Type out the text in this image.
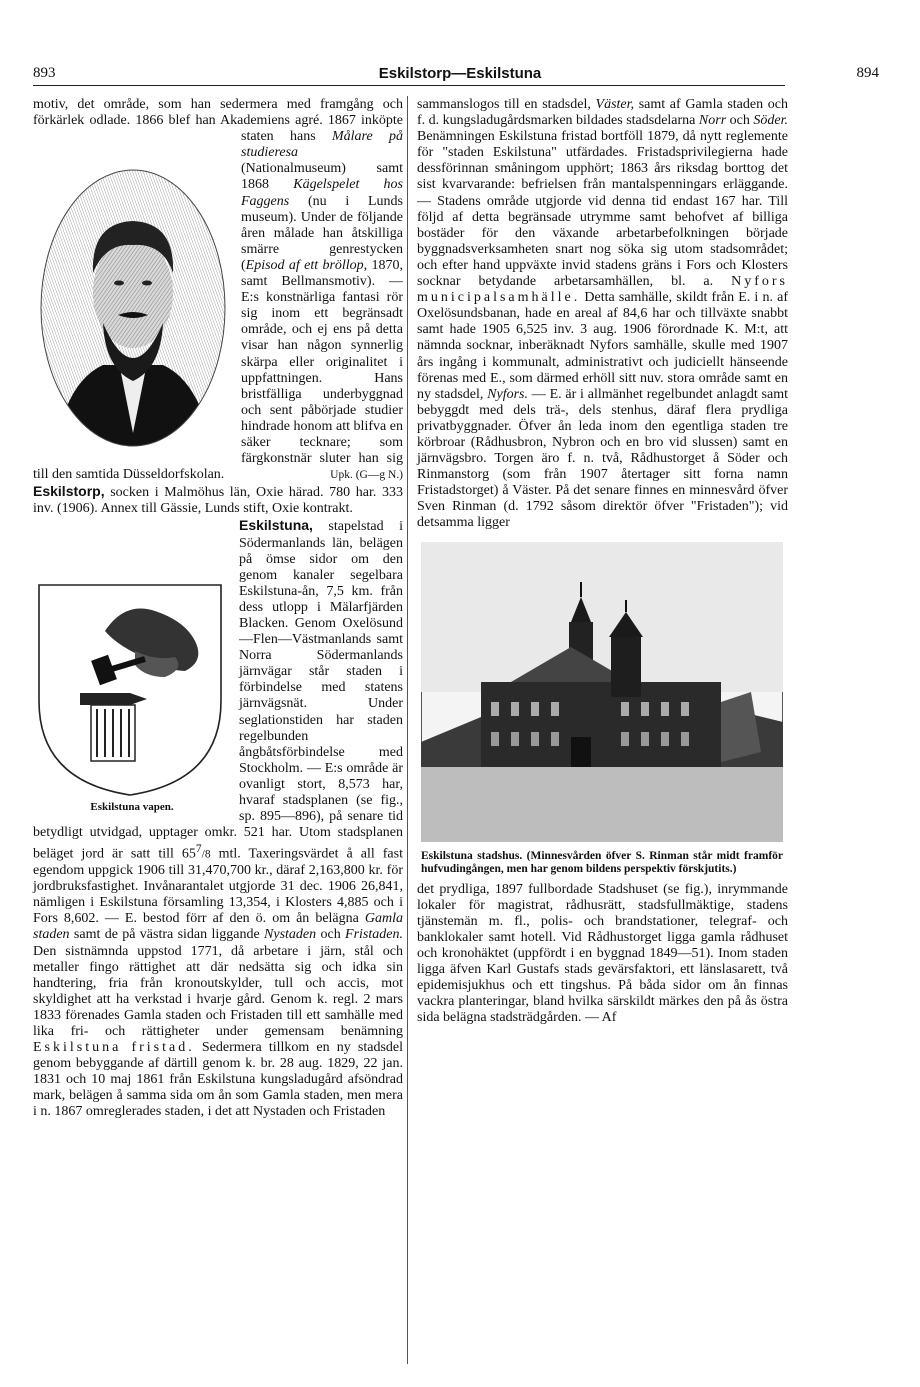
893	Eskilstorp—Eskilstuna	894

motiv, det område, som han sedermera med framgång och förkärlek odlade. 1866 blef han Akademiens agré. 1867 inköpte staten hans
Målare på studieresa (Nationalmuseum) samt 1868 Kägelspelet hos Faggens (nu i Lunds museum). Under de följande åren målade han åtskilliga smärre genrestycken (Episod af ett bröllop, 1870, samt Bellmansmotiv). — E:s konstnärliga fantasi rör sig inom ett begränsadt område, och ej ens på detta visar han någon synnerlig skärpa eller originalitet i uppfattningen. Hans bristfälliga underbyggnad och sent påbörjade studier hindrade honom att blifva en säker tecknare; som färgkonstnär sluter han sig till den samtida Düsseldorfskolan.	Upk. (G—g N.)

Eskilstorp, socken i Malmöhus län, Oxie härad. 780 har. 333 inv. (1906). Annex till Gässie, Lunds stift, Oxie kontrakt.

Eskilstuna,
Eskilstuna vapen.
stapelstad i Södermanlands län, belägen på ömse sidor om den genom kanaler segelbara Eskilstuna-ån, 7,5 km. från dess utlopp i Mälarfjärden Blacken. Genom Oxelösund—Flen—Västmanlands samt Norra Södermanlands järnvägar står staden i förbindelse med statens järnvägsnät. Under seglationstiden har staden regelbunden ångbåtsförbindelse med Stockholm. — E:s område är ovanligt stort, 8,573 har, hvaraf stadsplanen (se fig., sp. 895—896), på senare tid betydligt utvidgad, upptager omkr. 521 har. Utom stadsplanen beläget jord är satt till $65^7/8$ mtl. Taxeringsvärdet å all fast egendom uppgick 1906 till 31,470,700 kr., däraf 2,163,800 kr. för jordbruksfastighet. Invånarantalet utgjorde 31 dec. 1906 26,841, nämligen i Eskilstuna församling 13,354, i Klosters 4,885 och i Fors 8,602. — E. bestod förr af den ö. om ån belägna Gamla staden samt de på västra sidan liggande Nystaden och Fristaden. Den sistnämnda uppstod 1771, då arbetare i järn, stål och metaller fingo rättighet att där nedsätta sig och idka sin handtering, fria från kronoutskylder, tull och accis, mot skyldighet att ha verkstad i hvarje gård. Genom k. regl. 2 mars 1833 förenades Gamla staden och Fristaden till ett samhälle med lika fri- och rättigheter under gemensam benämning Eskilstuna fristad. Sedermera tillkom en ny stadsdel genom bebyggande af därtill genom k. br. 28 aug. 1829, 22 jan. 1831 och 10 maj 1861 från Eskilstuna kungsladugård afsöndrad mark, belägen å samma sida om ån som Gamla staden, men mera i n. 1867 omreglerades staden, i det att Nystaden och Fristaden

sammanslogos till en stadsdel, Väster, samt af Gamla staden och f. d. kungsladugårdsmarken bildades stadsdelarna Norr och Söder. Benämningen Eskilstuna fristad bortföll 1879, då nytt reglemente för "staden Eskilstuna" utfärdades. Fristadsprivilegierna hade dessförinnan småningom upphört; 1863 års riksdag borttog det sist kvarvarande: befrielsen från mantalspenningars erläggande. — Stadens område utgjorde vid denna tid endast 167 har. Till följd af detta begränsade utrymme samt behofvet af billiga bostäder för den växande arbetarbefolkningen började byggnadsverksamheten snart nog söka sig utom stadsområdet; och efter hand uppväxte invid stadens gräns i Fors och Klosters socknar betydande arbetarsamhällen, bl. a. Nyfors municipalsamhälle. Detta samhälle, skildt från E. i n. af Oxelösundsbanan, hade en areal af 84,6 har och tillväxte snabbt samt hade 1905 6,525 inv. 3 aug. 1906 förordnade K. M:t, att nämnda socknar, inberäknadt Nyfors samhälle, skulle med 1907 års ingång i kommunalt, administrativt och judiciellt hänseende förenas med E., som därmed erhöll sitt nuv. stora område samt en ny stadsdel, Nyfors. — E. är i allmänhet regelbundet anlagdt samt bebyggdt med dels trä-, dels stenhus, däraf flera prydliga privatbyggnader. Öfver ån leda inom den egentliga staden tre körbroar (Rådhusbron, Nybron och en bro vid slussen) samt en järnvägsbro. Torgen äro f. n. två, Rådhustorget å Söder och Rinmanstorg (som från 1907 återtager sitt forna namn Fristadstorget) å Väster. På det senare finnes en minnesvård öfver Sven Rinman (d. 1792 såsom direktör öfver "Fristaden"); vid detsamma ligger

Eskilstuna stadshus. (Minnesvården öfver S. Rinman står midt framför hufvudingången, men har genom bildens perspektiv förskjutits.)

det prydliga, 1897 fullbordade Stadshuset (se fig.), inrymmande lokaler för magistrat, rådhusrätt, stadsfullmäktige, stadens tjänstemän m. fl., polis- och brandstationer, telegraf- och banklokaler samt hotell. Vid Rådhustorget ligga gamla rådhuset och kronohäktet (uppfördt i en byggnad 1849—51). Inom staden ligga äfven Karl Gustafs stads gevärsfaktori, ett länslasarett, två epidemisjukhus och ett tingshus. På båda sidor om ån finnas vackra planteringar, bland hvilka särskildt märkes den på ås östra sida belägna stadsträdgården. — Af
